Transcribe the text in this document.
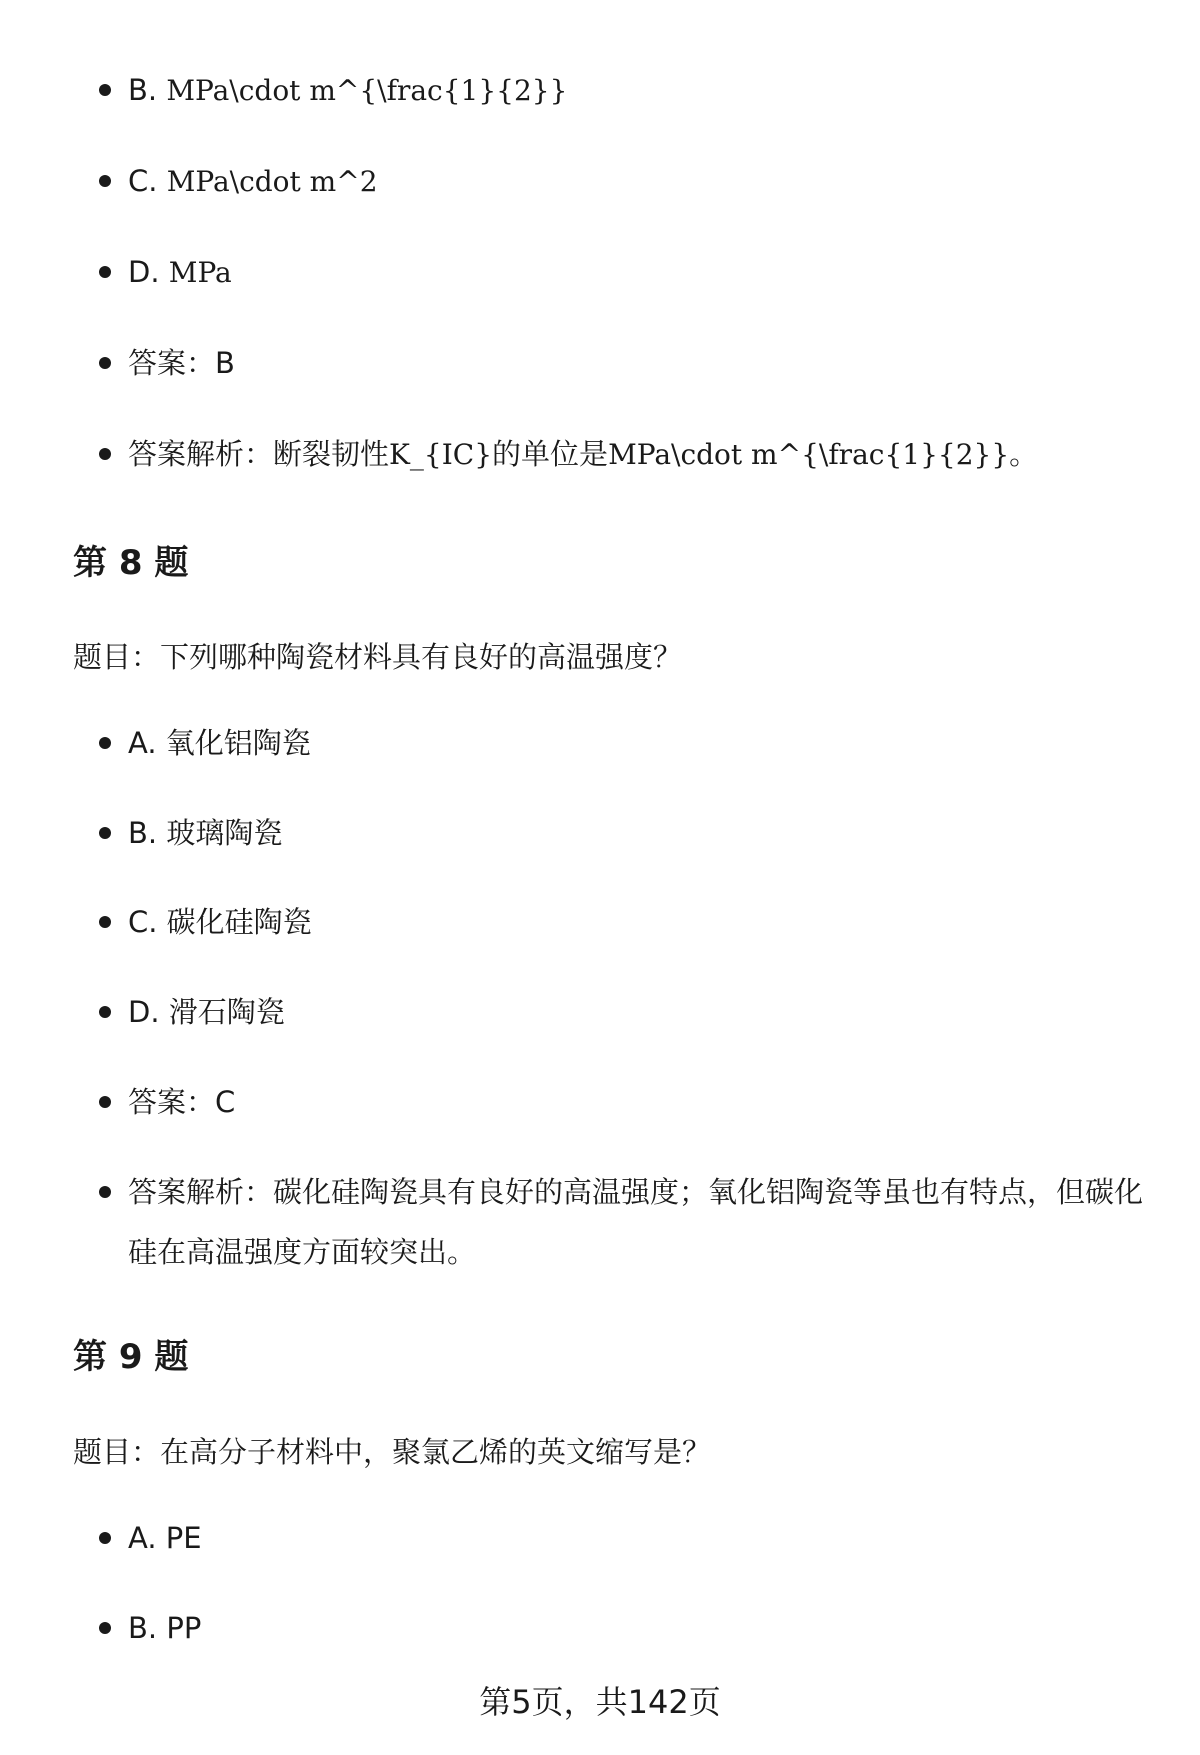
B. MPa\cdot m^{\frac{1}{2}}
C. MPa\cdot m^2
D. MPa
答案：B
答案解析：断裂韧性K_{IC}的单位是MPa\cdot m^{\frac{1}{2}}。
第 8 题
题目：下列哪种陶瓷材料具有良好的高温强度？
A. 氧化铝陶瓷
B. 玻璃陶瓷
C. 碳化硅陶瓷
D. 滑石陶瓷
答案：C
答案解析：碳化硅陶瓷具有良好的高温强度；氧化铝陶瓷等虽也有特点，但碳化硅在高温强度方面较突出。
第 9 题
题目：在高分子材料中，聚氯乙烯的英文缩写是？
A. PE
B. PP
第5页，共142页
